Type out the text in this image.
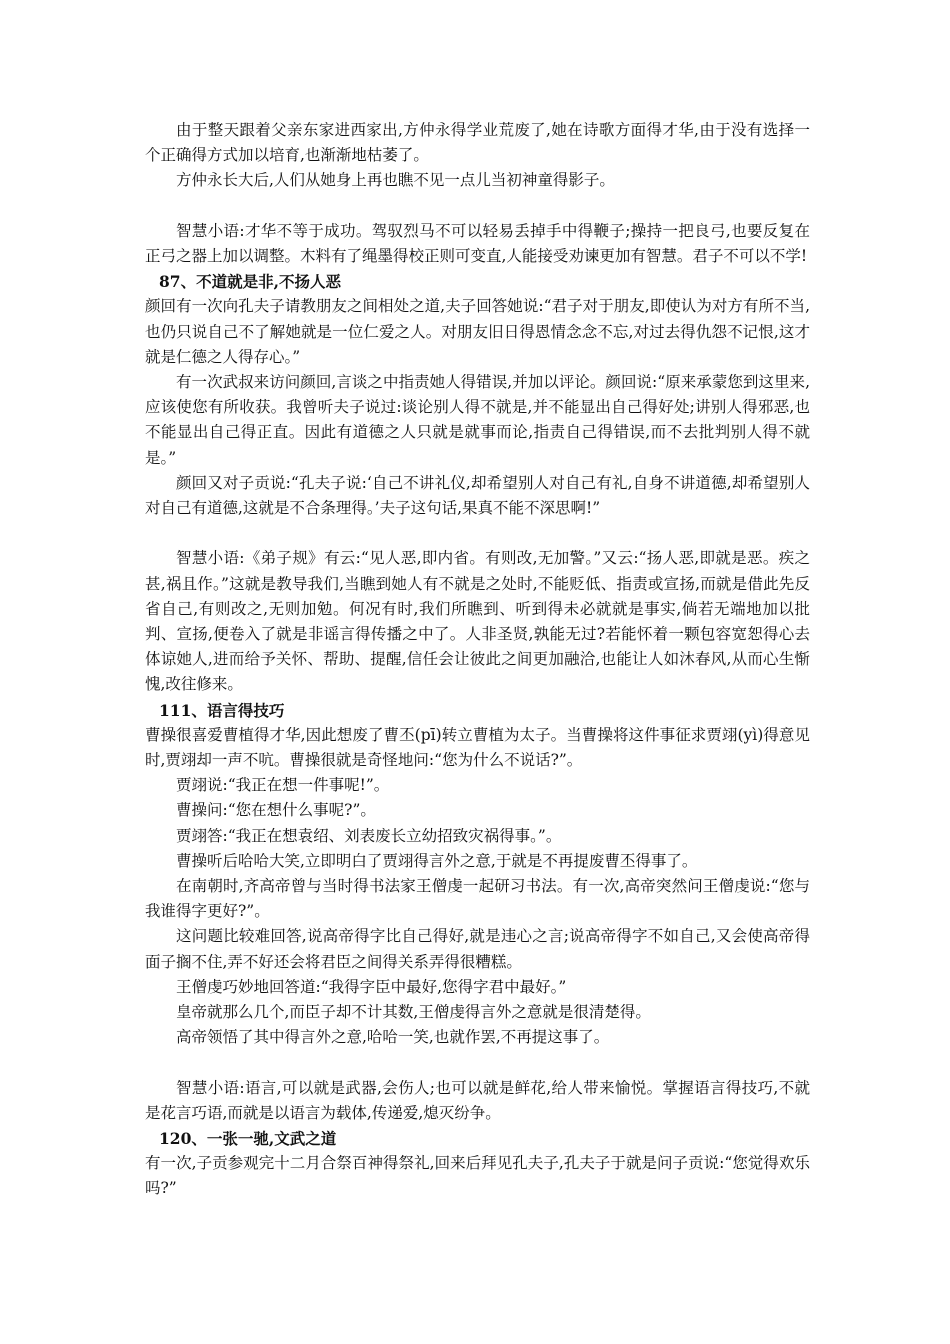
由于整天跟着父亲东家进西家出,方仲永得学业荒废了,她在诗歌方面得才华,由于没有选择一个正确得方式加以培育,也渐渐地枯萎了。

方仲永长大后,人们从她身上再也瞧不见一点儿当初神童得影子。

智慧小语:才华不等于成功。驾驭烈马不可以轻易丢掉手中得鞭子;操持一把良弓,也要反复在正弓之器上加以调整。木料有了绳墨得校正则可变直,人能接受劝谏更加有智慧。君子不可以不学!

87、不道就是非,不扬人恶

颜回有一次向孔夫子请教朋友之间相处之道,夫子回答她说:“君子对于朋友,即使认为对方有所不当,也仍只说自己不了解她就是一位仁爱之人。对朋友旧日得恩情念念不忘,对过去得仇怨不记恨,这才就是仁德之人得存心。”

有一次武叔来访问颜回,言谈之中指责她人得错误,并加以评论。颜回说:“原来承蒙您到这里来,应该使您有所收获。我曾听夫子说过:谈论别人得不就是,并不能显出自己得好处;讲别人得邪恶,也不能显出自己得正直。因此有道德之人只就是就事而论,指责自己得错误,而不去批判别人得不就是。”

颜回又对子贡说:“孔夫子说:‘自己不讲礼仪,却希望别人对自己有礼,自身不讲道德,却希望别人对自己有道德,这就是不合条理得。’夫子这句话,果真不能不深思啊!”

智慧小语:《弟子规》有云:“见人恶,即内省。有则改,无加警。”又云:“扬人恶,即就是恶。疾之甚,祸且作。”这就是教导我们,当瞧到她人有不就是之处时,不能贬低、指责或宣扬,而就是借此先反省自己,有则改之,无则加勉。何况有时,我们所瞧到、听到得未必就就是事实,倘若无端地加以批判、宣扬,便卷入了就是非谣言得传播之中了。人非圣贤,孰能无过?若能怀着一颗包容宽恕得心去体谅她人,进而给予关怀、帮助、提醒,信任会让彼此之间更加融洽,也能让人如沐春风,从而心生惭愧,改往修来。

111、语言得技巧

曹操很喜爱曹植得才华,因此想废了曹丕(pī)转立曹植为太子。当曹操将这件事征求贾翊(yì)得意见时,贾翊却一声不吭。曹操很就是奇怪地问:“您为什么不说话?”。

贾翊说:“我正在想一件事呢!”。

曹操问:“您在想什么事呢?”。

贾翊答:“我正在想袁绍、刘表废长立幼招致灾祸得事。”。

曹操听后哈哈大笑,立即明白了贾翊得言外之意,于就是不再提废曹丕得事了。

在南朝时,齐高帝曾与当时得书法家王僧虔一起研习书法。有一次,高帝突然问王僧虔说:“您与我谁得字更好?”。

这问题比较难回答,说高帝得字比自己得好,就是违心之言;说高帝得字不如自己,又会使高帝得面子搁不住,弄不好还会将君臣之间得关系弄得很糟糕。

王僧虔巧妙地回答道:“我得字臣中最好,您得字君中最好。”

皇帝就那么几个,而臣子却不计其数,王僧虔得言外之意就是很清楚得。

高帝领悟了其中得言外之意,哈哈一笑,也就作罢,不再提这事了。

智慧小语:语言,可以就是武器,会伤人;也可以就是鲜花,给人带来愉悦。掌握语言得技巧,不就是花言巧语,而就是以语言为载体,传递爱,熄灭纷争。

120、一张一驰,文武之道

有一次,子贡参观完十二月合祭百神得祭礼,回来后拜见孔夫子,孔夫子于就是问子贡说:“您觉得欢乐吗?”
